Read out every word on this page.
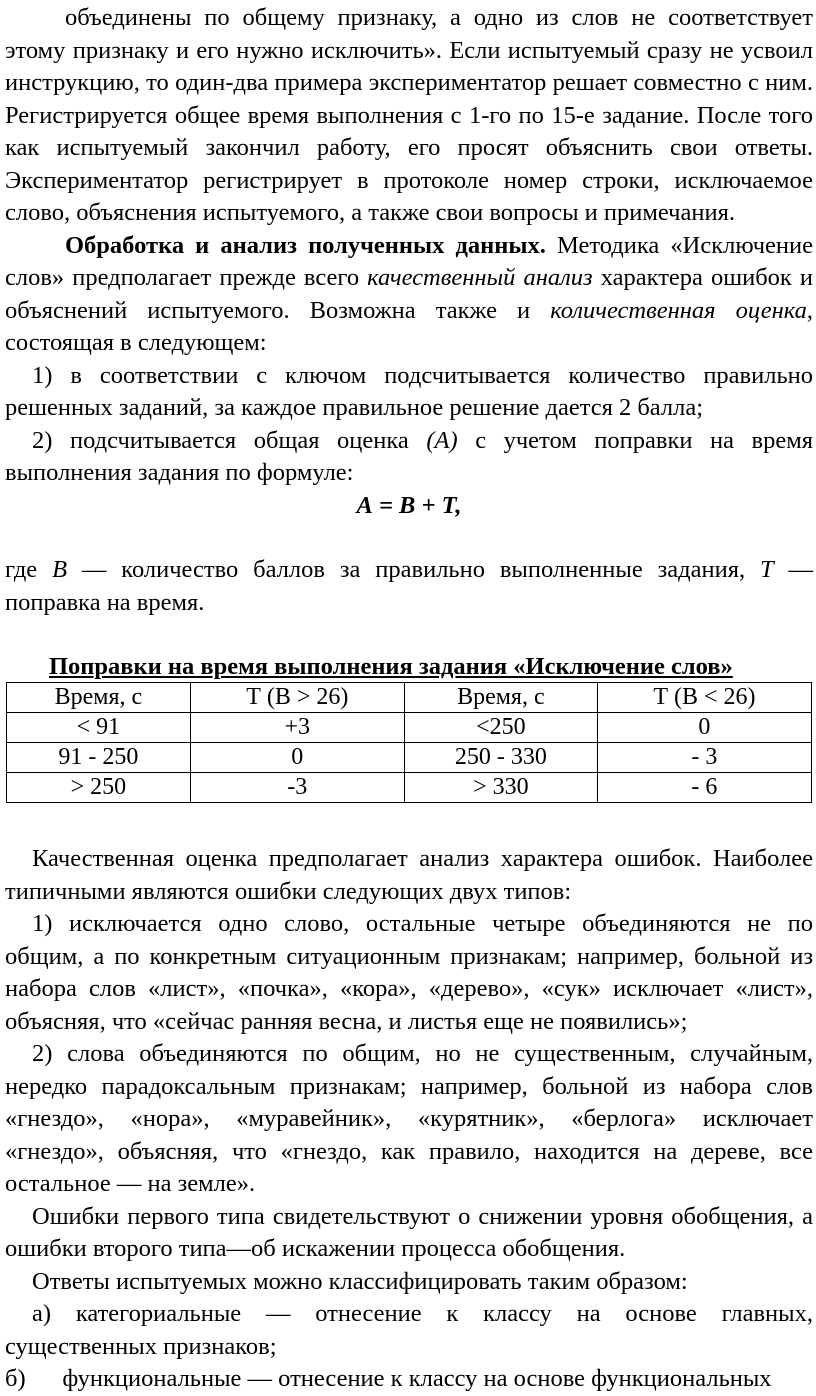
объединены по общему признаку, а одно из слов не соответствует этому признаку и его нужно исключить». Если испытуемый сразу не усвоил инструкцию, то один-два примера экспериментатор решает совместно с ним. Регистрируется общее время выполнения с 1-го по 15-е задание. После того как испытуемый закончил работу, его просят объяснить свои ответы. Экспериментатор регистрирует в протоколе номер строки, исключаемое слово, объяснения испытуемого, а также свои вопросы и примечания.

Обработка и анализ полученных данных. Методика «Исключение слов» предполагает прежде всего качественный анализ характера ошибок и объяснений испытуемого. Возможна также и количественная оценка, состоящая в следующем:

1) в соответствии с ключом подсчитывается количество правильно решенных заданий, за каждое правильное решение дается 2 балла;

2) подсчитывается общая оценка (А) с учетом поправки на время выполнения задания по формуле:

А = В + Т,

где В — количество баллов за правильно выполненные задания, Т — поправка на время.

Поправки на время выполнения задания «Исключение слов»

Время, с	Т (В > 26)	Время, с	Т (В < 26)
< 91	+3	<250	0
91 - 250	0	250 - 330	- 3
> 250	-3	> 330	- 6

Качественная оценка предполагает анализ характера ошибок. Наиболее типичными являются ошибки следующих двух типов:

1) исключается одно слово, остальные четыре объединяются не по общим, а по конкретным ситуационным признакам; например, больной из набора слов «лист», «почка», «кора», «дерево», «сук» исключает «лист», объясняя, что «сейчас ранняя весна, и листья еще не появились»;

2) слова объединяются по общим, но не существенным, случайным, нередко парадоксальным признакам; например, больной из набора слов «гнездо», «нора», «муравейник», «курятник», «берлога» исключает «гнездо», объясняя, что «гнездо, как правило, находится на дереве, все остальное — на земле».

Ошибки первого типа свидетельствуют о снижении уровня обобщения, а ошибки второго типа—об искажении процесса обобщения.

Ответы испытуемых можно классифицировать таким образом:

а) категориальные — отнесение к классу на основе главных, существенных признаков;

б)      функциональные — отнесение к классу на основе функциональных
